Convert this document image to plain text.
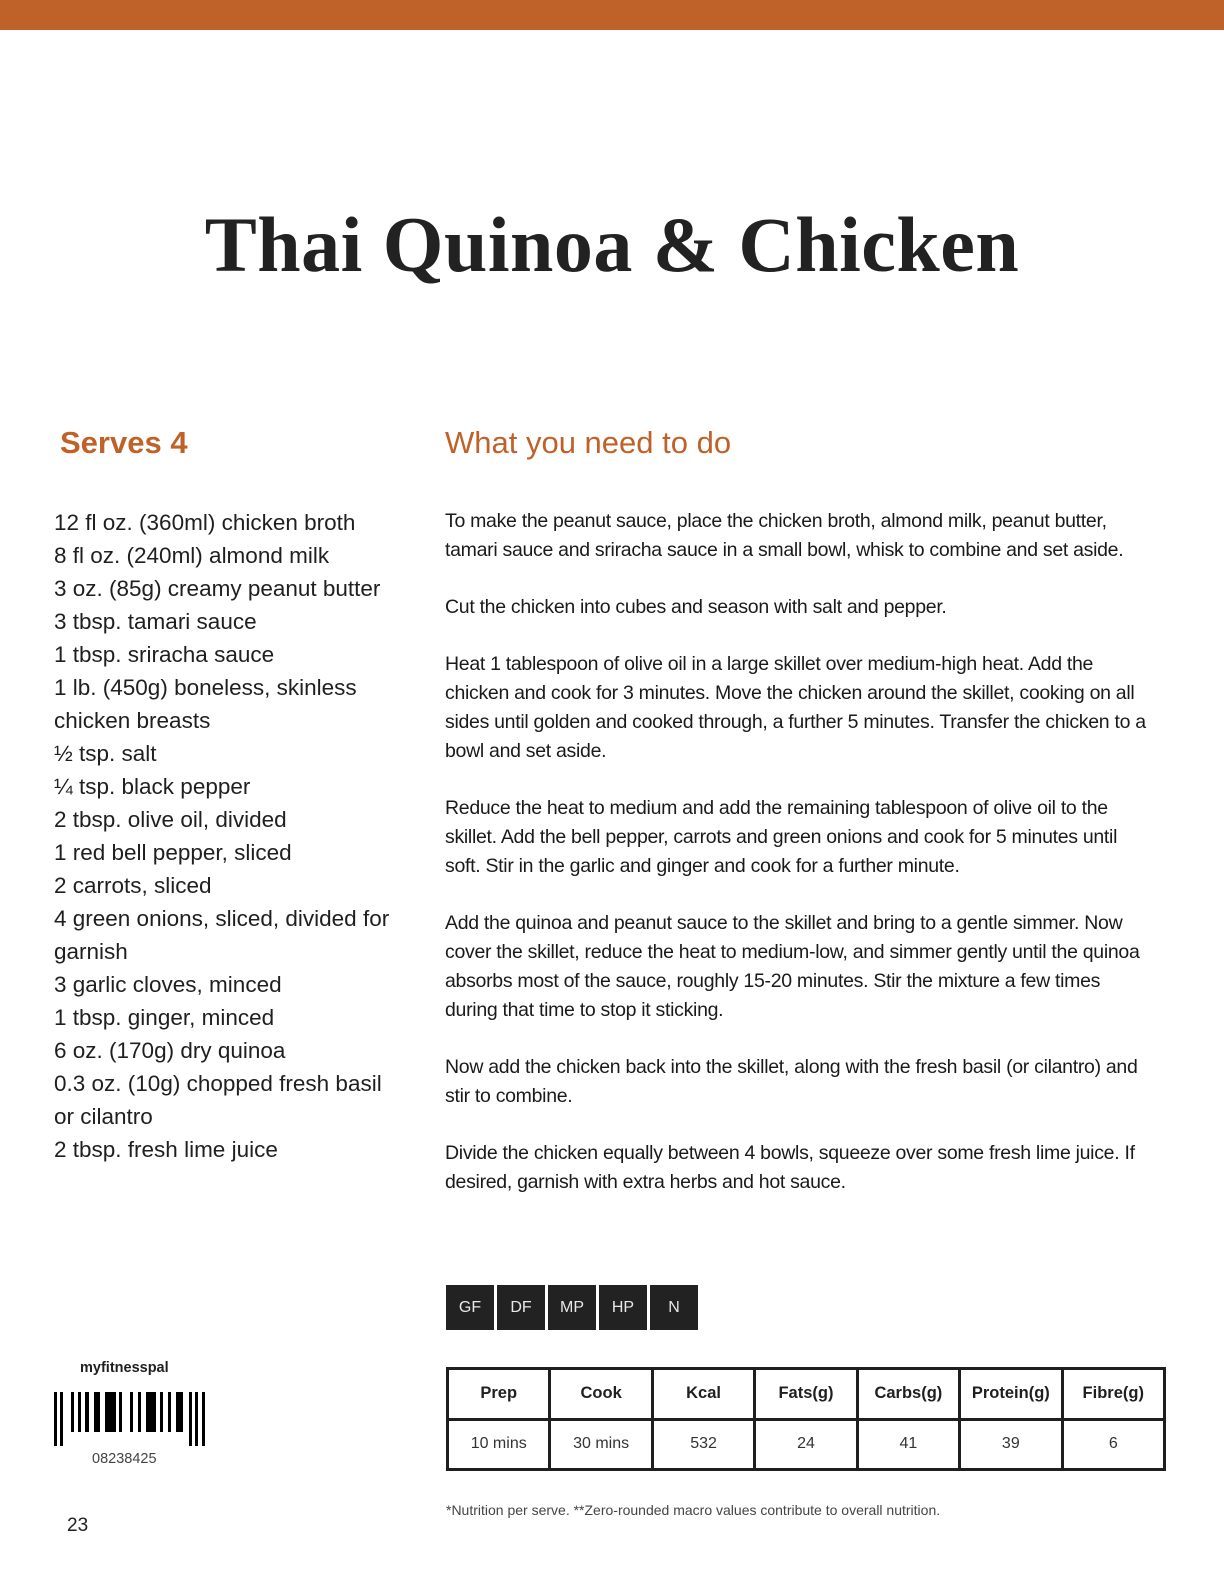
Thai Quinoa & Chicken
Serves 4	What you need to do
12 fl oz. (360ml) chicken broth
8 fl oz. (240ml) almond milk
3 oz. (85g) creamy peanut butter
3 tbsp. tamari sauce
1 tbsp. sriracha sauce
1 lb. (450g) boneless, skinless chicken breasts
½ tsp. salt
¼ tsp. black pepper
2 tbsp. olive oil, divided
1 red bell pepper, sliced
2 carrots, sliced
4 green onions, sliced, divided for garnish
3 garlic cloves, minced
1 tbsp. ginger, minced
6 oz. (170g) dry quinoa
0.3 oz. (10g) chopped fresh basil or cilantro
2 tbsp. fresh lime juice

To make the peanut sauce, place the chicken broth, almond milk, peanut butter, tamari sauce and sriracha sauce in a small bowl, whisk to combine and set aside.

Cut the chicken into cubes and season with salt and pepper.

Heat 1 tablespoon of olive oil in a large skillet over medium-high heat. Add the chicken and cook for 3 minutes. Move the chicken around the skillet, cooking on all sides until golden and cooked through, a further 5 minutes. Transfer the chicken to a bowl and set aside.

Reduce the heat to medium and add the remaining tablespoon of olive oil to the skillet. Add the bell pepper, carrots and green onions and cook for 5 minutes until soft. Stir in the garlic and ginger and cook for a further minute.

Add the quinoa and peanut sauce to the skillet and bring to a gentle simmer. Now cover the skillet, reduce the heat to medium-low, and simmer gently until the quinoa absorbs most of the sauce, roughly 15-20 minutes. Stir the mixture a few times during that time to stop it sticking.

Now add the chicken back into the skillet, along with the fresh basil (or cilantro) and stir to combine.

Divide the chicken equally between 4 bowls, squeeze over some fresh lime juice. If desired, garnish with extra herbs and hot sauce.

GF	DF	MP	HP	N
Prep	Cook	Kcal	Fats(g)	Carbs(g)	Protein(g)	Fibre(g)
10 mins	30 mins	532	24	41	39	6

*Nutrition per serve. **Zero-rounded macro values contribute to overall nutrition.

myfitnesspal
08238425
23
